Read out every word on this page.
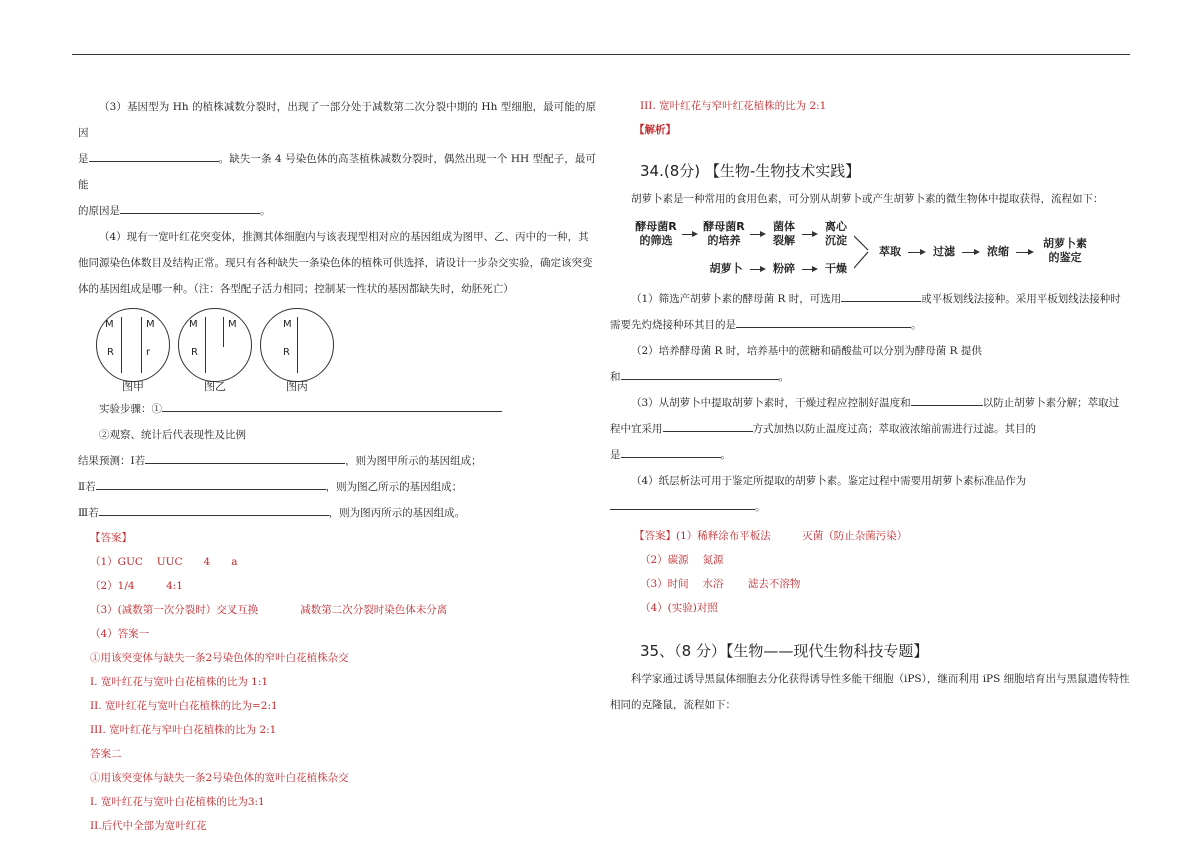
（3）基因型为 Hh 的植株减数分裂时，出现了一部分处于减数第二次分裂中期的 Hh 型细胞，最可能的原因

是	。缺失一条 4 号染色体的高茎植株减数分裂时，偶然出现一个 HH 型配子，最可能

的原因是	。

（4）现有一宽叶红花突变体，推测其体细胞内与该表现型相对应的基因组成为图甲、乙、丙中的一种，其

他同源染色体数目及结构正常。现只有各种缺失一条染色体的植株可供选择，请设计一步杂交实验，确定该突变

体的基因组成是哪一种。（注：各型配子活力相同；控制某一性状的基因都缺失时，幼胚死亡）

M	M
R	r
图甲
M	M
R
图乙
M
R
图丙

实验步骤：①

②观察、统计后代表现性及比例

结果预测：Ⅰ若	，则为图甲所示的基因组成；

Ⅱ若	，则为图乙所示的基因组成；

Ⅲ若	，则为图丙所示的基因组成。

【答案】

（1）GUC　 UUC　　4　　a

（2）1/4　　　4:1

（3）(减数第一次分裂时）交叉互换　　　　减数第二次分裂时染色体未分离

（4）答案一

①用该突变体与缺失一条2号染色体的窄叶白花植株杂交

I. 宽叶红花与宽叶白花植株的比为 1:1

II. 宽叶红花与宽叶白花植株的比为=2:1

III. 宽叶红花与窄叶白花植株的比为 2:1

答案二

①用该突变体与缺失一条2号染色体的宽叶白花植株杂交

I. 宽叶红花与宽叶白花植株的比为3:1

II.后代中全部为宽叶红花

III. 宽叶红花与窄叶红花植株的比为 2:1

【解析】

34.(8分) 【生物-生物技术实践】

胡萝卜素是一种常用的食用色素，可分别从胡萝卜或产生胡萝卜素的微生物体中提取获得，流程如下：

酵母菌R
的筛选
酵母菌R
的培养
菌体
裂解
离心
沉淀
胡萝卜	粉碎	干燥
萃取	过滤	浓缩
胡萝卜素
的鉴定

（1）筛选产胡萝卜素的酵母菌 R 时，可选用	或平板划线法接种。采用平板划线法接种时

需要先灼烧接种环其目的是	。

（2）培养酵母菌 R 时，培养基中的蔗糖和硝酸盐可以分别为酵母菌 R 提供

和	。

（3）从胡萝卜中提取胡萝卜素时，干燥过程应控制好温度和	以防止胡萝卜素分解；萃取过

程中宜采用	方式加热以防止温度过高；萃取液浓缩前需进行过滤。其目的

是	。

（4）纸层析法可用于鉴定所提取的胡萝卜素。鉴定过程中需要用胡萝卜素标准品作为

。

【答案】(1）稀释涂布平板法　　　灭菌（防止杂菌污染）

（2）碳源　 氮源

（3）时间　 水浴　　 滤去不溶物

（4）(实验)对照

35、（8 分）【生物——现代生物科技专题】

科学家通过诱导黑鼠体细胞去分化获得诱导性多能干细胞（iPS），继而利用 iPS 细胞培育出与黑鼠遗传特性

相同的克隆鼠，流程如下：
